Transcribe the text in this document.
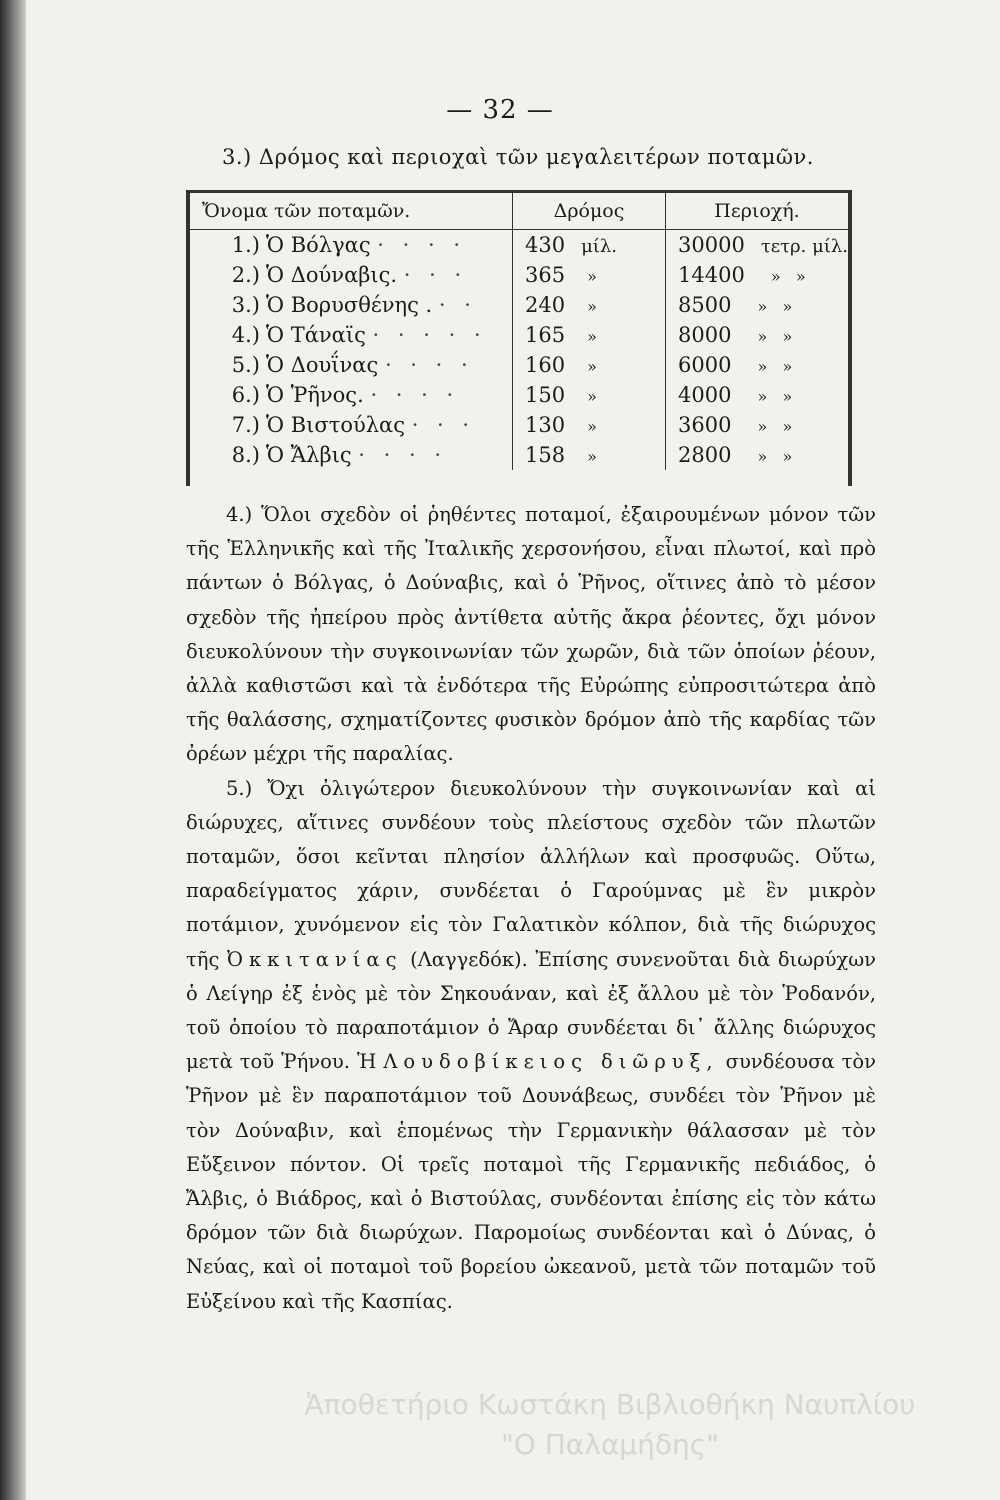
— 32 —
3.) Δρόμος καὶ περιοχαὶ τῶν μεγαλειτέρων ποταμῶν.
Ὄνομα τῶν ποταμῶν.	Δρόμος	Περιοχή.
1.) Ὁ Βόλγας · · · ·	430 μίλ.	30000 τετρ. μίλ.
2.) Ὁ Δούναβις. · · ·	365 »	14400 »   »
3.) Ὁ Βορυσθένης . · ·	240 »	8500 »   »
4.) Ὁ Τάναϊς · · · · ·	165 »	8000 »   »
5.) Ὁ Δουΐνας · · · ·	160 »	6000 »   »
6.) Ὁ Ῥῆνος. · · · ·	150 »	4000 »   »
7.) Ὁ Βιστούλας · · ·	130 »	3600 »   »
8.) Ὁ Ἄλβις · · · ·	158 »	2800 »   »

4.) Ὅλοι σχεδὸν οἱ ῥηθέντες ποταμοί, ἐξαιρουμένων μόνον τῶν τῆς Ἑλληνικῆς καὶ τῆς Ἰταλικῆς χερσονήσου, εἶναι πλωτοί, καὶ πρὸ πάντων ὁ Βόλγας, ὁ Δούναβις, καὶ ὁ Ῥῆνος, οἵτινες ἀπὸ τὸ μέσον σχεδὸν τῆς ἠπείρου πρὸς ἀντίθετα αὐτῆς ἄκρα ῥέοντες, ὄχι μόνον διευκολύνουν τὴν συγκοινωνίαν τῶν χωρῶν, διὰ τῶν ὁποίων ῥέουν, ἀλλὰ καθιστῶσι καὶ τὰ ἐνδότερα τῆς Εὐρώπης εὐπροσιτώτερα ἀπὸ τῆς θαλάσσης, σχηματίζοντες φυσικὸν δρόμον ἀπὸ τῆς καρδίας τῶν ὀρέων μέχρι τῆς παραλίας.

5.) Ὄχι ὀλιγώτερον διευκολύνουν τὴν συγκοινωνίαν καὶ αἱ διώρυχες, αἵτινες συνδέουν τοὺς πλείστους σχεδὸν τῶν πλωτῶν ποταμῶν, ὅσοι κεῖνται πλησίον ἀλλήλων καὶ προσφυῶς. Οὕτω, παραδείγματος χάριν, συνδέεται ὁ Γαρούμνας μὲ ἓν μικρὸν ποτάμιον, χυνόμενον εἰς τὸν Γαλατικὸν κόλπον, διὰ τῆς διώρυχος τῆς Ὀκκιτανίας (Λαγγεδόκ). Ἐπίσης συνενοῦται διὰ διωρύχων ὁ Λείγηρ ἐξ ἑνὸς μὲ τὸν Σηκουάναν, καὶ ἐξ ἄλλου μὲ τὸν Ῥοδανόν, τοῦ ὁποίου τὸ παραποτάμιον ὁ Ἄραρ συνδέεται δι᾽ ἄλλης διώρυχος μετὰ τοῦ Ῥήνου. Ἡ Λουδοβίκειος διῶρυξ, συνδέουσα τὸν Ῥῆνον μὲ ἓν παραποτάμιον τοῦ Δουνάβεως, συνδέει τὸν Ῥῆνον μὲ τὸν Δούναβιν, καὶ ἑπομένως τὴν Γερμανικὴν θάλασσαν μὲ τὸν Εὔξεινον πόντον. Οἱ τρεῖς ποταμοὶ τῆς Γερμανικῆς πεδιάδος, ὁ Ἄλβις, ὁ Βιάδρος, καὶ ὁ Βιστούλας, συνδέονται ἐπίσης εἰς τὸν κάτω δρόμον τῶν διὰ διωρύχων. Παρομοίως συνδέονται καὶ ὁ Δύνας, ὁ Νεύας, καὶ οἱ ποταμοὶ τοῦ βορείου ὠκεανοῦ, μετὰ τῶν ποταμῶν τοῦ Εὐξείνου καὶ τῆς Κασπίας.

Ἀποθετήριο Κωστάκη Βιβλιοθήκη Ναυπλίου
"Ο Παλαμήδης"
